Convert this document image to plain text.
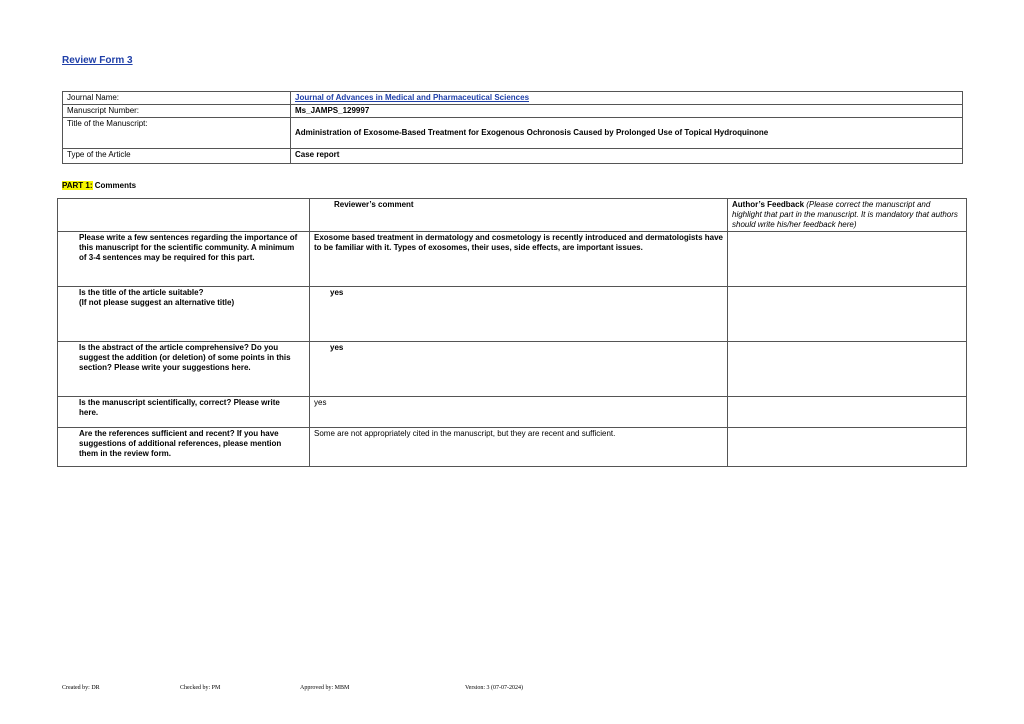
Review Form 3
Journal Name:	Journal of Advances in Medical and Pharmaceutical Sciences
Manuscript Number:	Ms_JAMPS_129997
Title of the Manuscript:	Administration of Exosome-Based Treatment for Exogenous Ochronosis Caused by Prolonged Use of Topical Hydroquinone
Type of the Article	Case report
PART 1: Comments

	Reviewer’s comment	Author’s Feedback (Please correct the manuscript and highlight that part in the manuscript. It is mandatory that authors should write his/her feedback here)
Please write a few sentences regarding the importance of this manuscript for the scientific community. A minimum of 3-4 sentences may be required for this part.	Exosome based treatment in dermatology and cosmetology is recently introduced and dermatologists have to be familiar with it. Types of exosomes, their uses, side effects, are important issues.	
Is the title of the article suitable?
(If not please suggest an alternative title)	yes	
Is the abstract of the article comprehensive? Do you suggest the addition (or deletion) of some points in this section? Please write your suggestions here.	yes	
Is the manuscript scientifically, correct? Please write here.	yes	
Are the references sufficient and recent? If you have suggestions of additional references, please mention them in the review form.	Some are not appropriately cited in the manuscript, but they are recent and sufficient.	
Created by: DR	Checked by: PM	Approved by: MBM	Version: 3 (07-07-2024)
